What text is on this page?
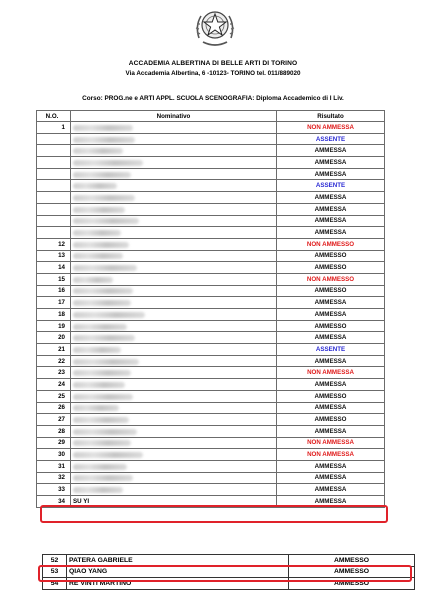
ACCADEMIA ALBERTINA DI BELLE ARTI DI TORINO
Via Accademia Albertina, 6 -10123- TORINO tel. 011/889020
Corso: PROG.ne e ARTI APPL. SCUOLA SCENOGRAFIA: Diploma Accademico di I Liv.
N.O.	Nominativo	Risultato
1		NON AMMESSA
		ASSENTE
		AMMESSA
		AMMESSA
		AMMESSA
		ASSENTE
		AMMESSA
		AMMESSA
		AMMESSA
		AMMESSA
12		NON AMMESSO
13		AMMESSO
14		AMMESSO
15		NON AMMESSO
16		AMMESSO
17		AMMESSA
18		AMMESSA
19		AMMESSO
20		AMMESSA
21		ASSENTE
22		AMMESSA
23		NON AMMESSA
24		AMMESSA
25		AMMESSO
26		AMMESSA
27		AMMESSO
28		AMMESSA
29		NON AMMESSA
30		NON AMMESSA
31		AMMESSA
32		AMMESSA
33		AMMESSA
34	SU YI	AMMESSA
52	PATERA GABRIELE	AMMESSO
53	QIAO YANG	AMMESSO
54	RE VINTI MARTINO	AMMESSO
